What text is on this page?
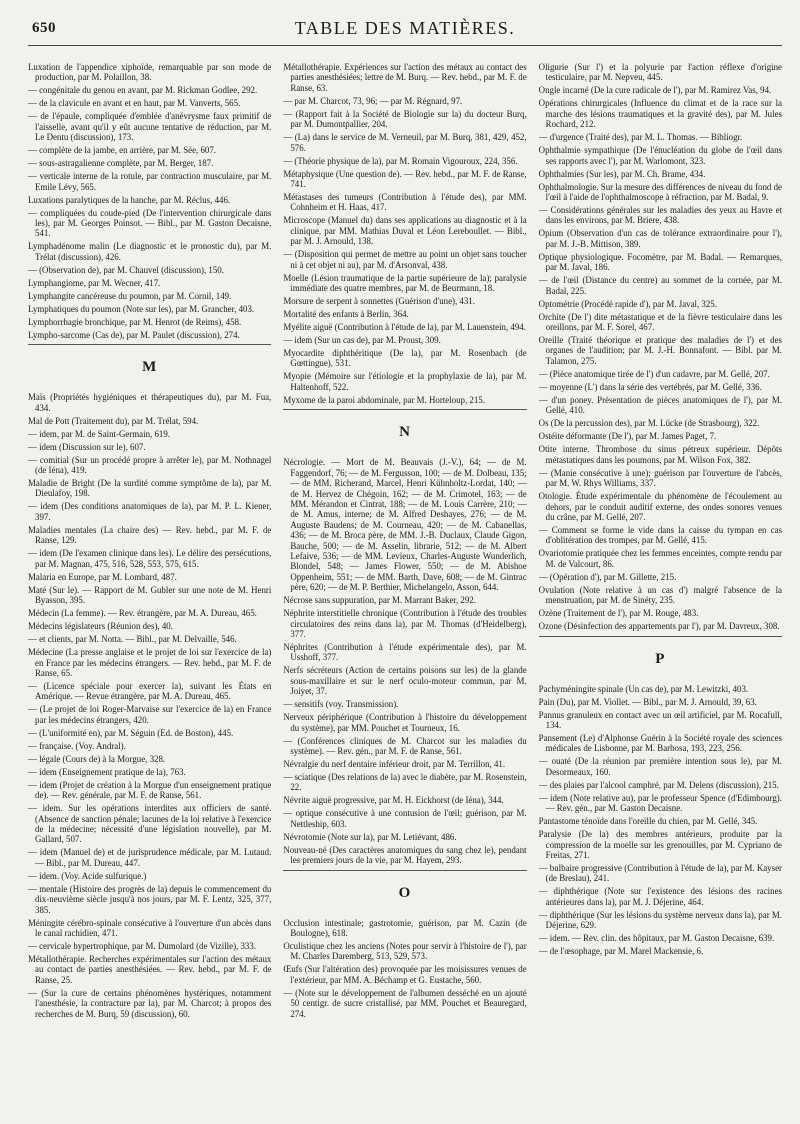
650	TABLE DES MATIÈRES.

Luxation de l'appendice xiphoïde, remarquable par son mode de production, par M. Polaillon, 38.

— congénitale du genou en avant, par M. Rickman Godlee, 292.

— de la clavicule en avant et en haut, par M. Vanverts, 565.

— de l'épaule, compliquée d'emblée d'anévrysme faux primitif de l'aisselle, avant qu'il y eût aucune tentative de réduction, par M. Le Dentu (discussion), 173.

— complète de la jambe, en arrière, par M. Sée, 607.

— sous-astragalienne complète, par M. Berger, 187.

— verticale interne de la rotule, par contraction musculaire, par M. Emile Lévy, 565.

Luxations paralytiques de la hanche, par M. Réclus, 446.

— compliquées du coude-pied (De l'intervention chirurgicale dans les), par M. Georges Poinsot. — Bibl., par M. Gaston Decaisne, 541.

Lymphadénome malin (Le diagnostic et le pronostic du), par M. Trélat (discussion), 426.

— (Observation de), par M. Chauvel (discussion), 150.

Lymphangiome, par M. Wecner, 417.

Lymphangite cancéreuse du poumon, par M. Cornil, 149.

Lymphatiques du poumon (Note sur les), par M. Grancher, 403.

Lymphorrhagie bronchique, par M. Henrot (de Reims), 458.

Lympho-sarcome (Cas de), par M. Paulet (discussion), 274.

M

Maïs (Propriétés hygiéniques et thérapeutiques du), par M. Fua, 434.

Mal de Pott (Traitement du), par M. Trélat, 594.

— idem, par M. de Saint-Germain, 619.

— idem (Discussion sur le), 607.

— comitial (Sur un procédé propre à arrêter le), par M. Nothnagel (de Iéna), 419.

Maladie de Bright (De la surdité comme symptôme de la), par M. Dieulafoy, 198.

— idem (Des conditions anatomiques de la), par M. P. L. Kiener, 397.

Maladies mentales (La chaire des) — Rev. hebd., par M. F. de Ranse, 129.

— idem (De l'examen clinique dans les). Le délire des persécutions, par M. Magnan, 475, 516, 528, 553, 575, 615.

Malaria en Europe, par M. Lombard, 487.

Maté (Sur le). — Rapport de M. Gubler sur une note de M. Henri Byasson, 395.

Médecin (La femme). — Rev. étrangère, par M. A. Dureau, 465.

Médecins législateurs (Réunion des), 40.

— et clients, par M. Notta. — Bibl., par M. Delvaille, 546.

Médecine (La presse anglaise et le projet de loi sur l'exercice de la) en France par les médecins étrangers. — Rev. hebd., par M. F. de Ranse, 65.

— (Licence spéciale pour exercer la), suivant les États en Amérique. — Revue étrangère, par M. A. Dureau, 465.

— (Le projet de loi Roger-Marvaise sur l'exercice de la) en France par les médecins étrangers, 420.

— (L'uniformité en), par M. Séguin (Ed. de Boston), 445.

— française. (Voy. Andral).

— légale (Cours de) à la Morgue, 328.

— idem (Enseignement pratique de la), 763.

— idem (Projet de création à la Morgue d'un enseignement pratique de). — Rev. générale, par M. F. de Ranse, 561.

— idem. Sur les opérations interdites aux officiers de santé. (Absence de sanction pénale; lacunes de la loi relative à l'exercice de la médecine; nécessité d'une législation nouvelle), par M. Gallard, 507.

— idem (Manuel de) et de jurisprudence médicale, par M. Lutaud. — Bibl., par M. Dureau, 447.

— idem. (Voy. Acide sulfurique.)

— mentale (Histoire des progrès de la) depuis le commencement du dix-neuvième siècle jusqu'à nos jours, par M. F. Lentz, 325, 377, 385.

Méningite cérébro-spinale consécutive à l'ouverture d'un abcès dans le canal rachidien, 471.

— cervicale hypertrophique, par M. Dumolard (de Vizille), 333.

Métallothérapie. Recherches expérimentales sur l'action des métaux au contact de parties anesthésiées. — Rev. hebd., par M. F. de Ranse, 25.

— (Sur la cure de certains phénomènes hystériques, notamment l'anesthésie, la contracture par la), par M. Charcot; à propos des recherches de M. Burq, 59 (discussion), 60.

Métallothérapie. Expériences sur l'action des métaux au contact des parties anesthésiées; lettre de M. Burq. — Rev. hebd., par M. F. de Ranse, 63.

— par M. Charcot, 73, 96; — par M. Régnard, 97.

— (Rapport fait à la Société de Biologie sur la) du docteur Burq, par M. Dumontpallier, 204.

— (La) dans le service de M. Verneuil, par M. Burq, 381, 429, 452, 576.

— (Théorie physique de la), par M. Romain Vigouroux, 224, 356.

Métaphysique (Une question de). — Rev. hebd., par M. F. de Ranse, 741.

Métastases des tumeurs (Contribution à l'étude des), par MM. Cohnheim et H. Haas, 417.

Microscope (Manuel du) dans ses applications au diagnostic et à la clinique, par MM. Mathias Duval et Léon Lereboullet. — Bibl., par M. J. Arnould, 138.

— (Disposition qui permet de mettre au point un objet sans toucher ni à cet objet ni au), par M. d'Arsonval, 438.

Moelle (Lésion traumatique de la partie supérieure de la); paralysie immédiate des quatre membres, par M. de Beurmann, 18.

Morsure de serpent à sonnettes (Guérison d'une), 431.

Mortalité des enfants à Berlin, 364.

Myélite aiguë (Contribution à l'étude de la), par M. Lauenstein, 494.

— idem (Sur un cas de), par M. Proust, 309.

Myocardite diphthéritique (De la), par M. Rosenbach (de Gœttingue), 531.

Myopie (Mémoire sur l'étiologie et la prophylaxie de la), par M. Haltenhoff, 522.

Myxome de la paroi abdominale, par M. Horteloup, 215.

N

Nécrologie. — Mort de M. Beauvais (J.-V.), 64; — de M. Faggendorf, 76; — de M. Fergusson, 100; — de M. Dolbeau, 135; — de MM. Richerand, Marcel, Henri Kühnholtz-Lordat, 140; — de M. Hervez de Chégoin, 162; — de M. Crimotel, 163; — de MM. Mérandon et Cintrat, 188; — de M. Louis Carrère, 210; — de M. Amus, interne; de M. Alfred Deshayes, 276; — de M. Auguste Baudens; de M. Courneau, 420; — de M. Cabanellas, 436; — de M. Broca père, de MM. J.-B. Duclaux, Claude Gigon, Bauche, 500; — de M. Asselin, librarie, 512; — de M. Albert Lefaive, 536; — de MM. Levieux, Charles-Auguste Wunderlich, Blondel, 548; — James Flower, 550; — de M. Abishoe Oppenheim, 551; — de MM. Barth, Dave, 608; — de M. Gintrac père, 620; — de M. P. Berthier, Michelangelo, Asson, 644.

Nécrose sans suppuration, par M. Marrant Baker, 292.

Néphrite interstitielle chronique (Contribution à l'étude des troubles circulatoires des reins dans la), par M. Thomas (d'Heidelberg), 377.

Néphrites (Contribution à l'étude expérimentale des), par M. Usshoff, 377.

Nerfs sécréteurs (Action de certains poisons sur les) de la glande sous-maxillaire et sur le nerf oculo-moteur commun, par M. Joiyet, 37.

— sensitifs (voy. Transmission).

Nerveux périphérique (Contribution à l'histoire du développement du système), par MM. Pouchet et Tourneux, 16.

— (Conférences cliniques de M. Charcot sur les maladies du système). — Rev. gén., par M. F. de Ranse, 561.

Névralgie du nerf dentaire inférieur droit, par M. Terrillon, 41.

— sciatique (Des relations de la) avec le diabète, par M. Rosenstein, 22.

Névrite aiguë progressive, par M. H. Eickhorst (de Iéna), 344.

— optique consécutive à une contusion de l'œil; guérison, par M. Nettleship, 603.

Névrotomie (Note sur la), par M. Letiévant, 486.

Nouveau-né (Des caractères anatomiques du sang chez le), pendant les premiers jours de la vie, par M. Hayem, 293.

O

Occlusion intestinale; gastrotomie, guérison, par M. Cazin (de Boulogne), 618.

Oculistique chez les anciens (Notes pour servir à l'histoire de l'), par M. Charles Daremberg, 513, 529, 573.

Œufs (Sur l'altération des) provoquée par les moisissures venues de l'extérieur, par MM. A. Béchamp et G. Eustache, 560.

— (Note sur le développement de l'albumen desséché en un ajouté 50 centigr. de sucre cristallisé, par MM. Pouchet et Beauregard, 274.

Oligurie (Sur l') et la polyurie par l'action réflexe d'origine testiculaire, par M. Nepveu, 445.

Ongle incarné (De la cure radicale de l'), par M. Ramirez Vas, 94.

Opérations chirurgicales (Influence du climat et de la race sur la marche des lésions traumatiques et la gravité des), par M. Jules Rochard, 212.

— d'urgence (Traité des), par M. L. Thomas. — Bibliogr.

Ophthalmie sympathique (De l'énucléation du globe de l'œil dans ses rapports avec l'), par M. Warlomont, 323.

Ophthalmies (Sur les), par M. Ch. Brame, 434.

Ophthalmologie. Sur la mesure des différences de niveau du fond de l'œil à l'aide de l'ophthalmoscope à réfraction, par M. Badal, 9.

— Considérations générales sur les maladies des yeux au Havre et dans les environs, par M. Briere, 438.

Opium (Observation d'un cas de tolérance extraordinaire pour l'), par M. J.-B. Mittison, 389.

Optique physiologique. Focomètre, par M. Badal. — Remarques, par M. Javal, 186.

— de l'œil (Distance du centre) au sommet de la cornée, par M. Badal, 225.

Optométrie (Procédé rapide d'), par M. Javal, 325.

Orchite (De l') dite métastatique et de la fièvre testiculaire dans les oreillons, par M. F. Sorel, 467.

Oreille (Traité théorique et pratique des maladies de l') et des organes de l'audition; par M. J.-H. Bonnafont. — Bibl. par M. Talamon, 275.

— (Pièce anatomique tirée de l') d'un cadavre, par M. Gellé, 207.

— moyenne (L') dans la série des vertébrés, par M. Gellé, 336.

— d'un poney. Présentation de pièces anatomiques de l'), par M. Gellé, 410.

Os (De la percussion des), par M. Lücke (de Strasbourg), 322.

Ostéite déformante (De l'), par M. James Paget, 7.

Otite interne. Thrombose du sinus pétreux supérieur. Dépôts métastatiques dans les poumons, par M. Wilson Fox, 382.

— (Manie consécutive à une); guérison par l'ouverture de l'abcès, par M. W. Rhys Williams, 337.

Otologie. Étude expérimentale du phénomène de l'écoulement au dehors, par le conduit auditif externe, des ondes sonores venues du crâne, par M. Gellé, 207.

— Comment se forme le vide dans la caisse du tympan en cas d'oblitération des trompes, par M. Gellé, 415.

Ovariotomie pratiquée chez les femmes enceintes, compte rendu par M. de Valcourt, 86.

— (Opération d'), par M. Gillette, 215.

Ovulation (Note relative à un cas d') malgré l'absence de la menstruation, par M. de Sinéty, 235.

Ozène (Traitement de l'), par M. Rouge, 483.

Ozone (Désinfection des appartements par l'), par M. Davreux, 308.

P

Pachyméningite spinale (Un cas de), par M. Lewitzki, 403.

Pain (Du), par M. Viollet. — Bibl., par M. J. Arnould, 39, 63.

Pannus granuleux en contact avec un œil artificiel, par M. Rocafull, 134.

Pansement (Le) d'Alphonse Guérin à la Société royale des sciences médicales de Lisbonne, par M. Barbosa, 193, 223, 256.

— ouaté (De la réunion par première intention sous le), par M. Desormeaux, 160.

— des plaies par l'alcool camphré, par M. Delens (discussion), 215.

— idem (Note relative au), par le professeur Spence (d'Edimbourg). — Rev. gén., par M. Gaston Decaisne.

Pantastome ténoïde dans l'oreille du chien, par M. Gellé, 345.

Paralysie (De la) des membres antérieurs, produite par la compression de la moelle sur les grenouilles, par M. Cypriano de Freitas, 271.

— bulbaire progressive (Contribution à l'étude de la), par M. Kayser (de Breslau), 241.

— diphthérique (Note sur l'existence des lésions des racines antérieures dans la), par M. J. Déjerine, 464.

— diphthérique (Sur les lésions du système nerveux dans la), par M. Déjerine, 629.

— idem. — Rev. clin. des hôpitaux, par M. Gaston Decaisne, 639.

— de l'œsophage, par M. Marel Mackensie, 6.
